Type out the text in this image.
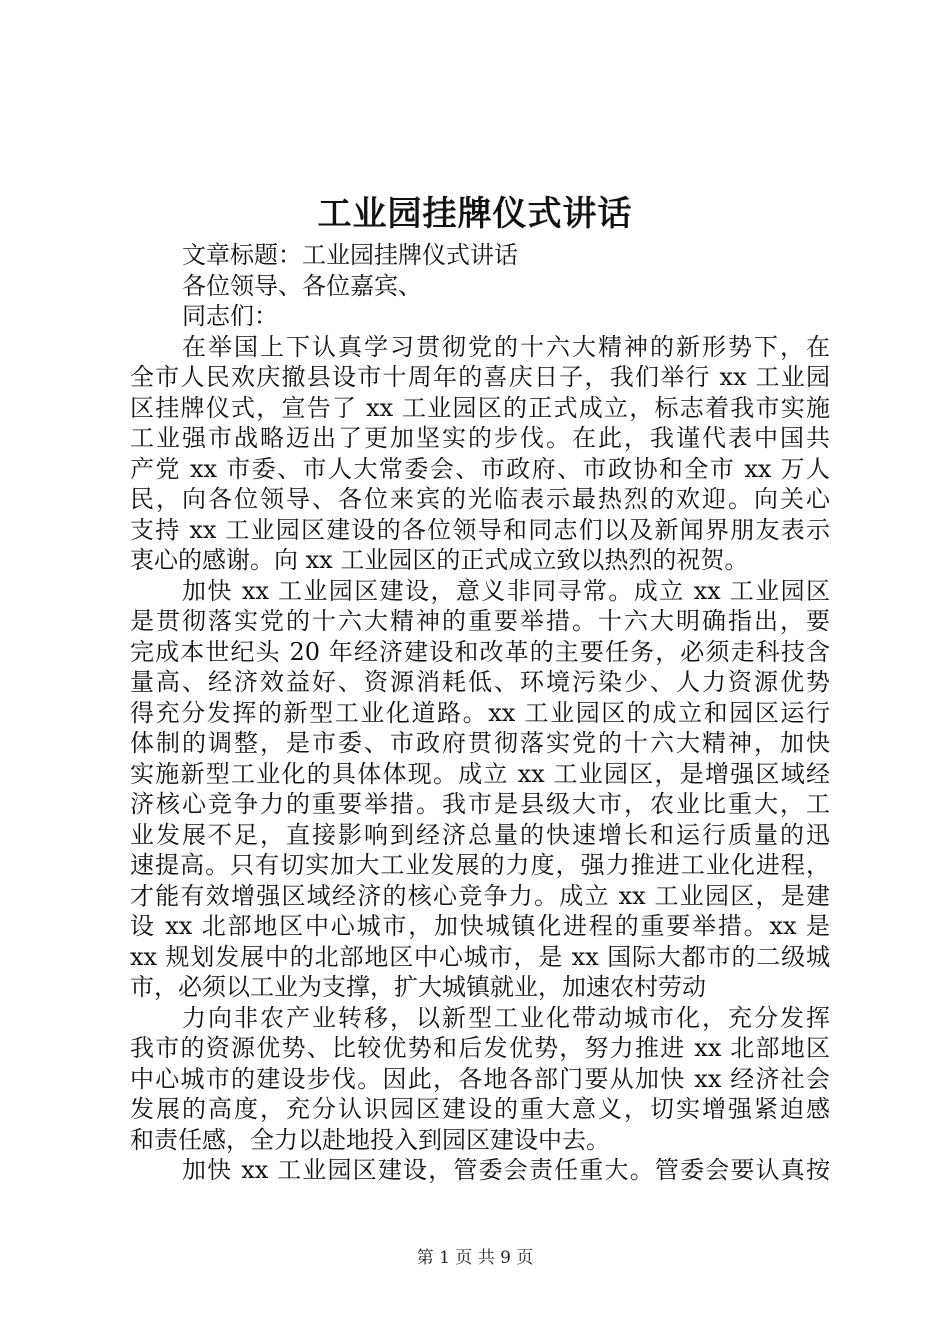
工业园挂牌仪式讲话

文章标题：工业园挂牌仪式讲话

各位领导、各位嘉宾、

同志们：

在举国上下认真学习贯彻党的十六大精神的新形势下，在

全市人民欢庆撤县设市十周年的喜庆日子，我们举行 xx 工业园

区挂牌仪式，宣告了 xx 工业园区的正式成立，标志着我市实施

工业强市战略迈出了更加坚实的步伐。在此，我谨代表中国共

产党 xx 市委、市人大常委会、市政府、市政协和全市 xx 万人

民，向各位领导、各位来宾的光临表示最热烈的欢迎。向关心

支持 xx 工业园区建设的各位领导和同志们以及新闻界朋友表示

衷心的感谢。向 xx 工业园区的正式成立致以热烈的祝贺。

加快 xx 工业园区建设，意义非同寻常。成立 xx 工业园区

是贯彻落实党的十六大精神的重要举措。十六大明确指出，要

完成本世纪头 20 年经济建设和改革的主要任务，必须走科技含

量高、经济效益好、资源消耗低、环境污染少、人力资源优势

得充分发挥的新型工业化道路。xx 工业园区的成立和园区运行

体制的调整，是市委、市政府贯彻落实党的十六大精神，加快

实施新型工业化的具体体现。成立 xx 工业园区，是增强区域经

济核心竞争力的重要举措。我市是县级大市，农业比重大，工

业发展不足，直接影响到经济总量的快速增长和运行质量的迅

速提高。只有切实加大工业发展的力度，强力推进工业化进程，

才能有效增强区域经济的核心竞争力。成立 xx 工业园区，是建

设 xx 北部地区中心城市，加快城镇化进程的重要举措。xx 是

xx 规划发展中的北部地区中心城市，是 xx 国际大都市的二级城

市，必须以工业为支撑，扩大城镇就业，加速农村劳动

力向非农产业转移，以新型工业化带动城市化，充分发挥

我市的资源优势、比较优势和后发优势，努力推进 xx 北部地区

中心城市的建设步伐。因此，各地各部门要从加快 xx 经济社会

发展的高度，充分认识园区建设的重大意义，切实增强紧迫感

和责任感，全力以赴地投入到园区建设中去。

加快 xx 工业园区建设，管委会责任重大。管委会要认真按

第 1 页 共 9 页
